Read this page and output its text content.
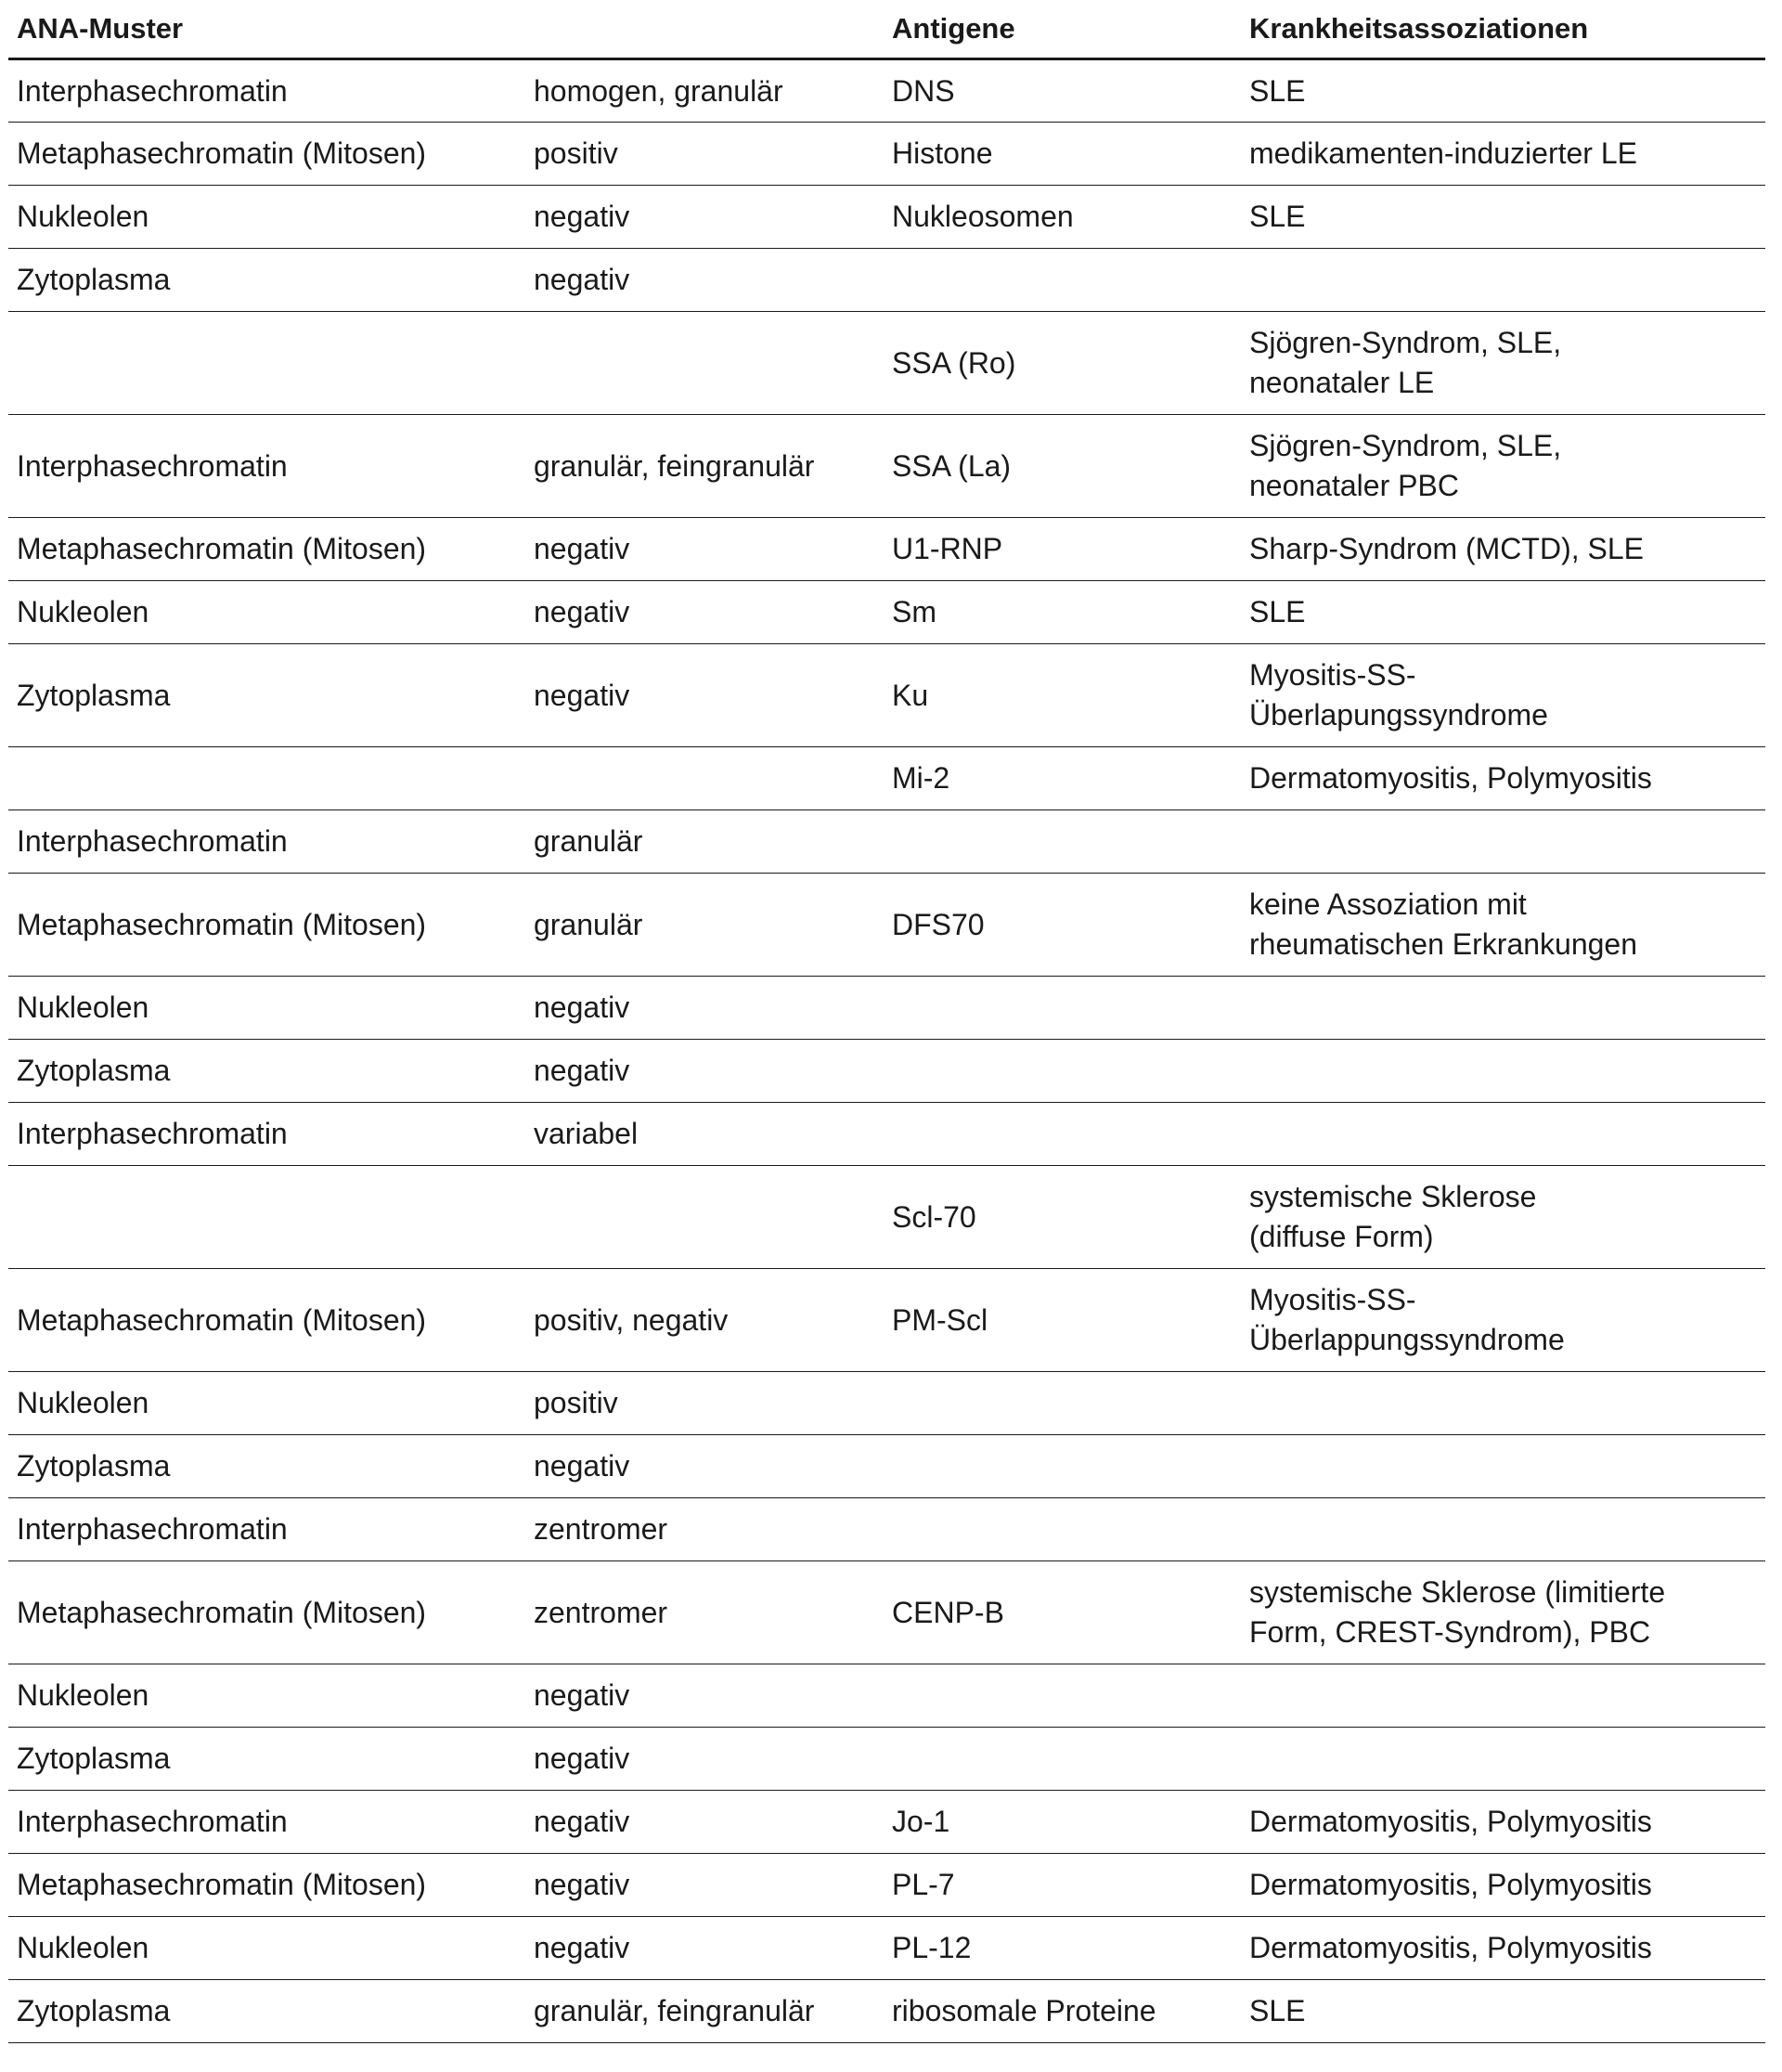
ANA-Muster		Antigene	Krankheitsassoziationen
Interphasechromatin	homogen, granulär	DNS	SLE

Metaphasechromatin (Mitosen)	positiv	Histone	medikamenten-induzierter LE

Nukleolen	negativ	Nukleosomen	SLE

Zytoplasma	negativ		
		SSA (Ro)	Sjögren-Syndrom, SLE,
neonataler LE

Interphasechromatin	granulär, feingranulär	SSA (La)	Sjögren-Syndrom, SLE,
neonataler PBC

Metaphasechromatin (Mitosen)	negativ	U1-RNP	Sharp-Syndrom (MCTD), SLE

Nukleolen	negativ	Sm	SLE

Zytoplasma	negativ	Ku	Myositis-SS-
Überlapungssyndrome

		Mi-2	Dermatomyositis, Polymyositis

Interphasechromatin	granulär		
Metaphasechromatin (Mitosen)	granulär	DFS70	keine Assoziation mit
rheumatischen Erkrankungen

Nukleolen	negativ		
Zytoplasma	negativ		
Interphasechromatin	variabel		
		Scl-70	systemische Sklerose
(diffuse Form)

Metaphasechromatin (Mitosen)	positiv, negativ	PM-Scl	Myositis-SS-
Überlappungssyndrome

Nukleolen	positiv		
Zytoplasma	negativ		
Interphasechromatin	zentromer		
Metaphasechromatin (Mitosen)	zentromer	CENP-B	systemische Sklerose (limitierte
Form, CREST-Syndrom), PBC

Nukleolen	negativ		
Zytoplasma	negativ		
Interphasechromatin	negativ	Jo-1	Dermatomyositis, Polymyositis

Metaphasechromatin (Mitosen)	negativ	PL-7	Dermatomyositis, Polymyositis

Nukleolen	negativ	PL-12	Dermatomyositis, Polymyositis

Zytoplasma	granulär, feingranulär	ribosomale Proteine	SLE
